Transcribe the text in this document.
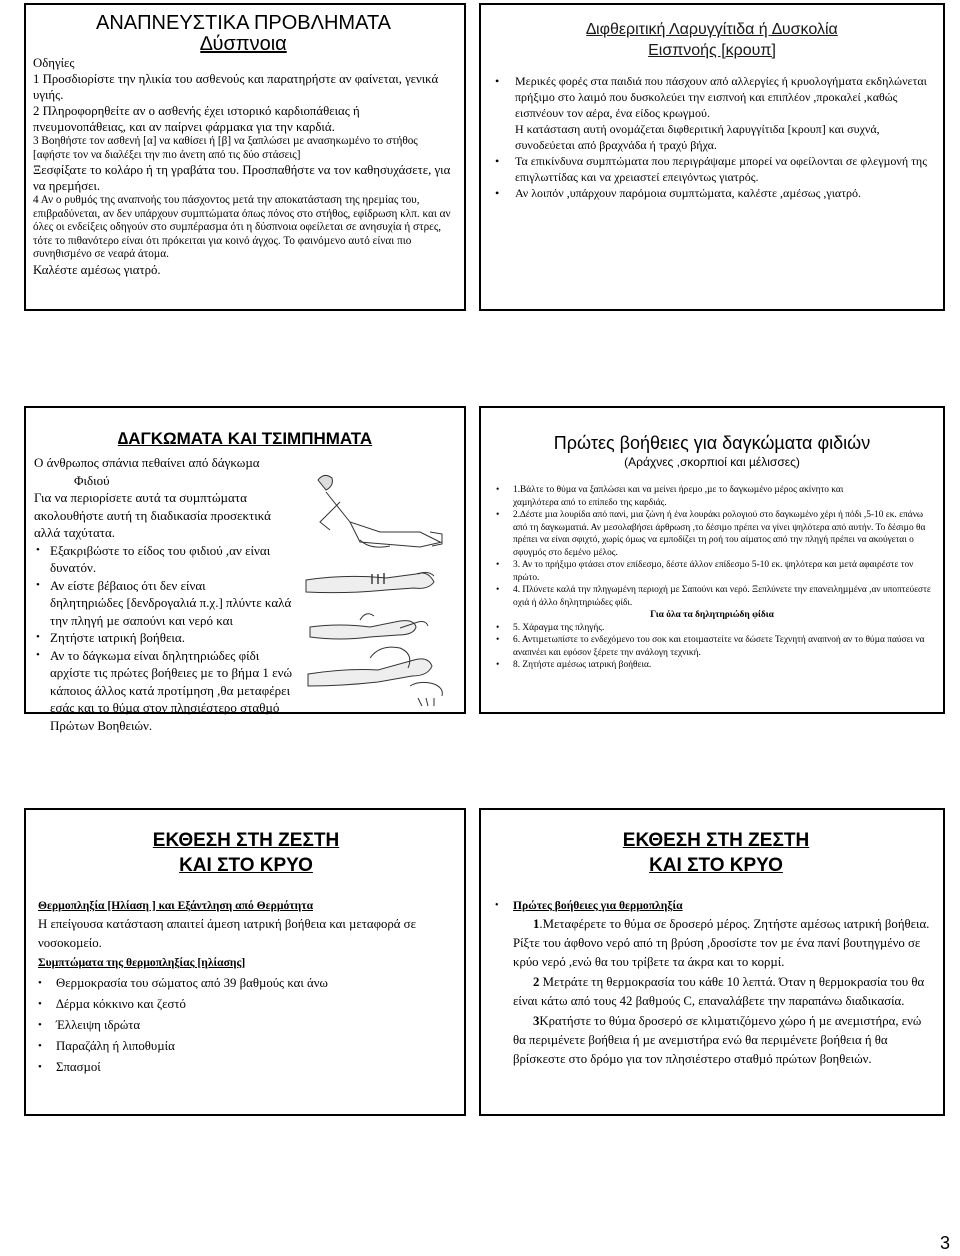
ΑΝΑΠΝΕΥΣΤΙΚΑ ΠΡΟΒΛΗΜΑΤΑ
∆ύσπνοια

Οδηγίες

1 Προσδιορίστε την ηλικία του ασθενούς και παρατηρήστε αν φαίνεται, γενικά υγιής.

2 Πληροφορηθείτε αν ο ασθενής έχει ιστορικό καρδιοπάθειας ή πνευµονοπάθειας, και αν παίρνει φάρµακα για την καρδιά.

3 Βοηθήστε τον ασθενή [α] να καθίσει ή [β] να ξαπλώσει µε ανασηκωµένο το στήθος [αφήστε τον να διαλέξει την πιο άνετη από τις δύο στάσεις]

Ξεσφίξατε το κολάρο ή τη γραβάτα του. Προσπαθήστε να τον καθησυχάσετε, για να ηρεµήσει.

4 Αν ο ρυθµός της αναπνοής του πάσχοντος µετά την αποκατάσταση της ηρεµίας του, επιβραδύνεται, αν δεν υπάρχουν συµπτώµατα όπως πόνος στο στήθος, εφίδρωση κλπ. και αν όλες οι ενδείξεις οδηγούν στο συµπέρασµα ότι η δύσπνοια οφείλεται σε ανησυχία ή στρες, τότε το πιθανότερο είναι ότι πρόκειται για κοινό άγχος. Το φαινόµενο αυτό είναι πιο συνηθισµένο σε νεαρά άτοµα.

Καλέστε αµέσως γιατρό.

∆ιφθεριτική Λαρυγγίτιδα ή ∆υσκολία
Εισπνοής [κρουπ]
• Μερικές φορές στα παιδιά που πάσχουν από αλλεργίες ή κρυολογήµατα εκδηλώνεται πρήξιµο στο λαιµό που δυσκολεύει την εισπνοή και επιπλέον ,προκαλεί ,καθώς εισπνέουν τον αέρα, ένα είδος κρωγµού.
Η κατάσταση αυτή ονοµάζεται διφθεριτική λαρυγγίτιδα [κρουπ] και συχνά, συνοδεύεται από βραχνάδα ή τραχύ βήχα.
• Τα επικίνδυνα συµπτώµατα που περιγράψαµε µπορεί να οφείλονται σε φλεγµονή της επιγλωττίδας και να χρειαστεί επειγόντως γιατρός.
• Αν λοιπόν ,υπάρχουν παρόµοια συµπτώµατα, καλέστε ,αµέσως ,γιατρό.
∆ΑΓΚΩΜΑΤΑ ΚΑΙ ΤΣΙΜΠΗΜΑΤΑ
Ο άνθρωπος σπάνια πεθαίνει από δάγκωµα
Φιδιού
Για να περιορίσετε αυτά τα συµπτώµατα ακολουθήστε αυτή τη διαδικασία προσεκτικά αλλά ταχύτατα.
• Εξακριβώστε το είδος του φιδιού ,αν είναι δυνατόν.
• Αν είστε βέβαιος ότι δεν είναι
δηλητηριώδες [δενδρογαλιά π.χ.] πλύντε καλά την πληγή µε σαπούνι και νερό και
• Ζητήστε ιατρική βοήθεια.
• Αν το δάγκωµα είναι δηλητηριώδες φίδι αρχίστε τις πρώτες βοήθειες µε το βήµα 1 ενώ κάποιος άλλος κατά προτίµηση ,θα µεταφέρει εσάς και το θύµα στον πλησιέστερο σταθµό Πρώτων Βοηθειών.
Πρώτες βοήθειες για δαγκώµατα φιδιών
(Αράχνες ,σκορπιοί και µέλισσες)
• 1.Βάλτε το θύµα να ξαπλώσει και να µείνει ήρεµο ,µε το δαγκωµένο µέρος ακίνητο και
χαµηλότερα από το επίπεδο της καρδιάς.
• 2.∆έστε µια λουρίδα από πανί, µια ζώνη ή ένα λουράκι ρολογιού στο δαγκωµένο χέρι ή πόδι ,5-10 εκ. επάνω από τη δαγκωµατιά. Αν µεσολαβήσει άρθρωση ,το δέσιµο πρέπει να γίνει ψηλότερα από αυτήν. Το δέσιµο θα πρέπει να είναι σφιχτό, χωρίς όµως να εµποδίζει τη ροή του αίµατος από την πληγή πρέπει να ακούγεται ο σφυγµός στο δεµένο µέλος.
• 3. Αν το πρήξιµο φτάσει στον επίδεσµο, δέστε άλλον επίδεσµο 5-10 εκ. ψηλότερα και µετά αφαιρέστε τον πρώτο.
• 4. Πλύνετε καλά την πληγωµένη περιοχή µε Σαπούνι και νερό. Ξεπλύνετε την επανειληµµένα ,αν υποπτεύεστε οχιά ή άλλο δηλητηριώδες φίδι.
Για όλα τα δηλητηριώδη φίδια
• 5. Χάραγµα της πληγής.
• 6. Αντιµετωπίστε το ενδεχόµενο του σοκ και ετοιµαστείτε να δώσετε Τεχνητή αναπνοή αν το θύµα παύσει να αναπνέει και εφόσον ξέρετε την ανάλογη τεχνική.
• 8. Ζητήστε αµέσως ιατρική βοήθεια.
ΕΚΘΕΣΗ ΣΤΗ ΖΕΣΤΗ
ΚΑΙ ΣΤΟ ΚΡΥΟ
Θερµοπληξία [Ηλίαση ] και Εξάντληση από Θερµότητα
Η επείγουσα κατάσταση απαιτεί άµεση ιατρική βοήθεια και µεταφορά σε νοσοκοµείο.
Συµπτώµατα της θερµοπληξίας [ηλίασης]
• Θερµοκρασία του σώµατος από 39 βαθµούς και άνω
• ∆έρµα κόκκινο και ζεστό
• Έλλειψη ιδρώτα
• Παραζάλη ή λιποθυµία
• Σπασµοί
ΕΚΘΕΣΗ ΣΤΗ ΖΕΣΤΗ
ΚΑΙ ΣΤΟ ΚΡΥΟ
• Πρώτες βοήθειες για θερµοπληξία

1.Μεταφέρετε το θύµα σε δροσερό µέρος. Ζητήστε αµέσως ιατρική βοήθεια. Ρίξτε του άφθονο νερό από τη βρύση ,δροσίστε τον µε ένα πανί βουτηγµένο σε κρύο νερό ,ενώ θα του τρίβετε τα άκρα και το κορµί.

2 Μετράτε τη θερµοκρασία του κάθε 10 λεπτά. Όταν η θερµοκρασία του θα είναι κάτω από τους 42 βαθµούς C, επαναλάβετε την παραπάνω διαδικασία.

3Κρατήστε το θύµα δροσερό σε κλιµατιζόµενο χώρο ή µε ανεµιστήρα, ενώ θα περιµένετε βοήθεια ή µε ανεµιστήρα ενώ θα περιµένετε βοήθεια ή θα βρίσκεστε στο δρόµο για τον πλησιέστερο σταθµό πρώτων βοηθειών.

3
